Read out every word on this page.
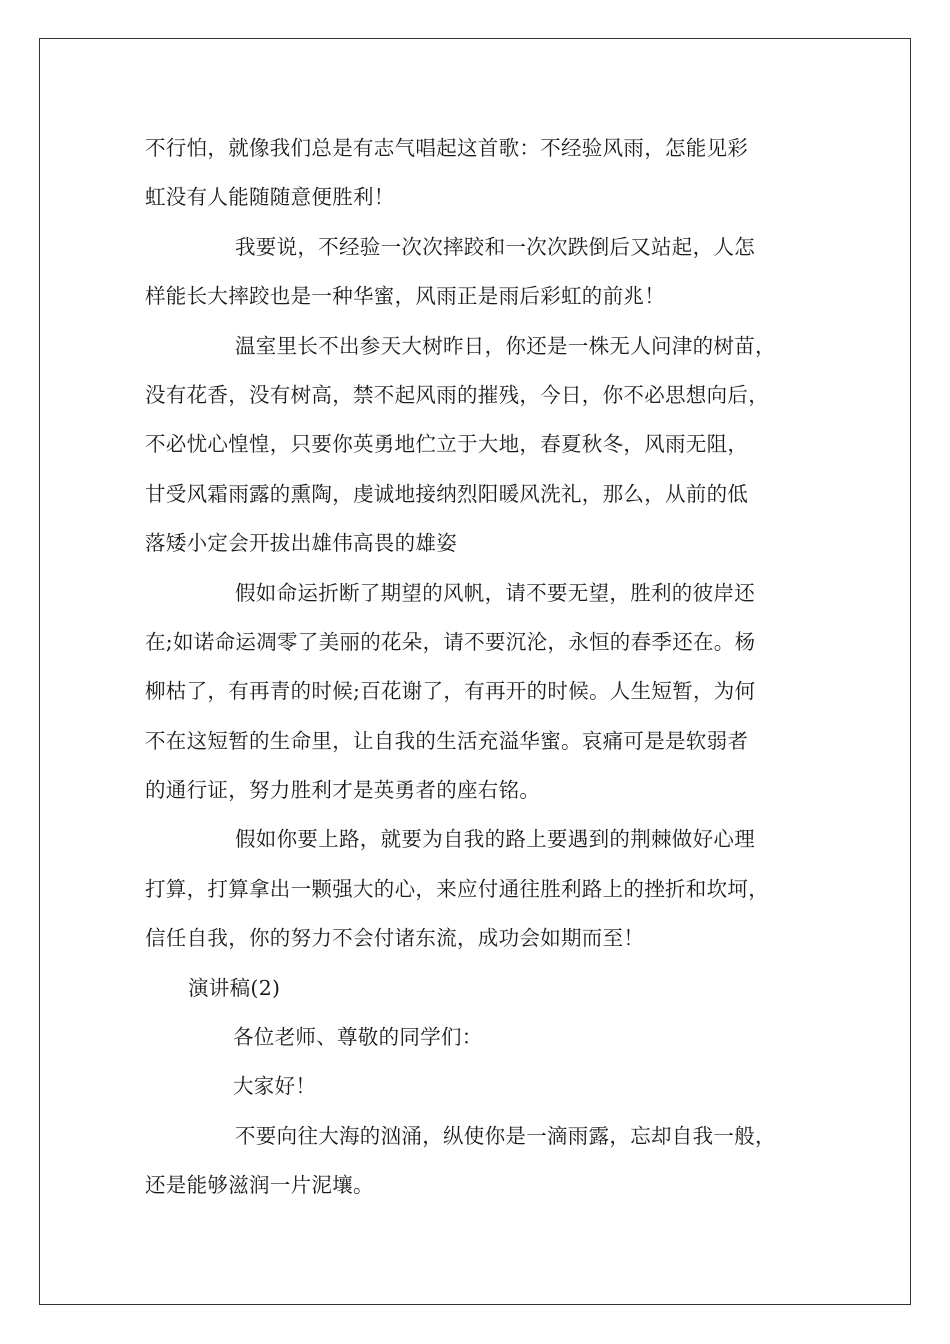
不行怕，就像我们总是有志气唱起这首歌：不经验风雨，怎能见彩
虹没有人能随随意便胜利！
我要说，不经验一次次摔跤和一次次跌倒后又站起，人怎
样能长大摔跤也是一种华蜜，风雨正是雨后彩虹的前兆！
温室里长不出参天大树昨日，你还是一株无人问津的树苗，
没有花香，没有树高，禁不起风雨的摧残，今日，你不必思想向后，
不必忧心惶惶，只要你英勇地伫立于大地，春夏秋冬，风雨无阻，
甘受风霜雨露的熏陶，虔诚地接纳烈阳暖风洗礼，那么，从前的低
落矮小定会开拔出雄伟高畏的雄姿
假如命运折断了期望的风帆，请不要无望，胜利的彼岸还
在;如诺命运凋零了美丽的花朵，请不要沉沦，永恒的春季还在。杨
柳枯了，有再青的时候;百花谢了，有再开的时候。人生短暂，为何
不在这短暂的生命里，让自我的生活充溢华蜜。哀痛可是是软弱者
的通行证，努力胜利才是英勇者的座右铭。
假如你要上路，就要为自我的路上要遇到的荆棘做好心理
打算，打算拿出一颗强大的心，来应付通往胜利路上的挫折和坎坷，
信任自我，你的努力不会付诸东流，成功会如期而至！
演讲稿(2)
各位老师、尊敬的同学们：
大家好！
不要向往大海的汹涌，纵使你是一滴雨露，忘却自我一般，
还是能够滋润一片泥壤。
